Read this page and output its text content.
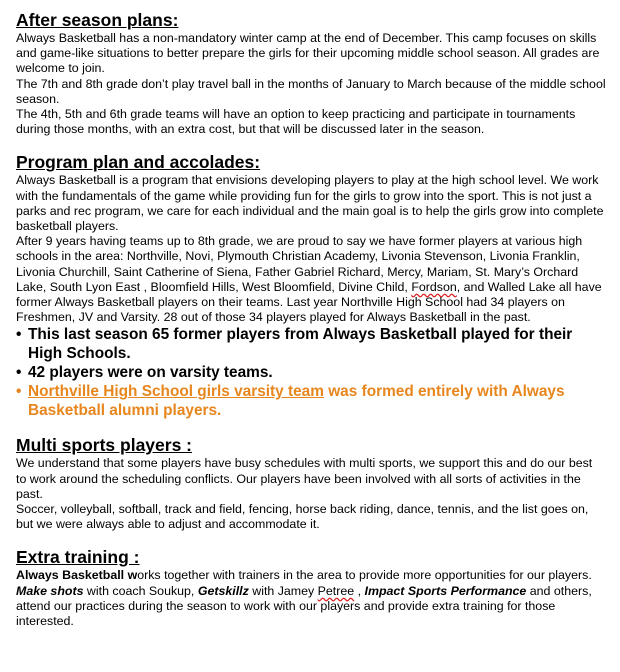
After season plans:

Always Basketball has a non-mandatory winter camp at the end of December. This camp focuses on skills and game-like situations to better prepare the girls for their upcoming middle school season. All grades are welcome to join.

The 7th and 8th grade don’t play travel ball in the months of January to March because of the middle school season.

The 4th, 5th and 6th grade teams will have an option to keep practicing and participate in tournaments during those months, with an extra cost, but that will be discussed later in the season.

Program plan and accolades:

Always Basketball is a program that envisions developing players to play at the high school level. We work with the fundamentals of the game while providing fun for the girls to grow into the sport. This is not just a parks and rec program, we care for each individual and the main goal is to help the girls grow into complete basketball players.

After 9 years having teams up to 8th grade, we are proud to say we have former players at various high schools in the area: Northville, Novi, Plymouth Christian Academy, Livonia Stevenson, Livonia Franklin, Livonia Churchill, Saint Catherine of Siena, Father Gabriel Richard, Mercy, Mariam, St. Mary’s Orchard Lake, South Lyon East , Bloomfield Hills, West Bloomfield, Divine Child, Fordson, and Walled Lake all have former Always Basketball players on their teams. Last year Northville High School had 34 players on Freshmen, JV and Varsity. 28 out of those 34 players played for Always Basketball in the past.

• This last season 65 former players from Always Basketball played for their High Schools.
• 42 players were on varsity teams.
• Northville High School girls varsity team was formed entirely with Always Basketball alumni players.
Multi sports players :

We understand that some players have busy schedules with multi sports, we support this and do our best to work around the scheduling conflicts. Our players have been involved with all sorts of activities in the past.

Soccer, volleyball, softball, track and field, fencing, horse back riding, dance, tennis, and the list goes on, but we were always able to adjust and accommodate it.

Extra training :

Always Basketball works together with trainers in the area to provide more opportunities for our players.

Make shots with coach Soukup, Getskillz with Jamey Petree , Impact Sports Performance and others, attend our practices during the season to work with our players and provide extra training for those interested.
